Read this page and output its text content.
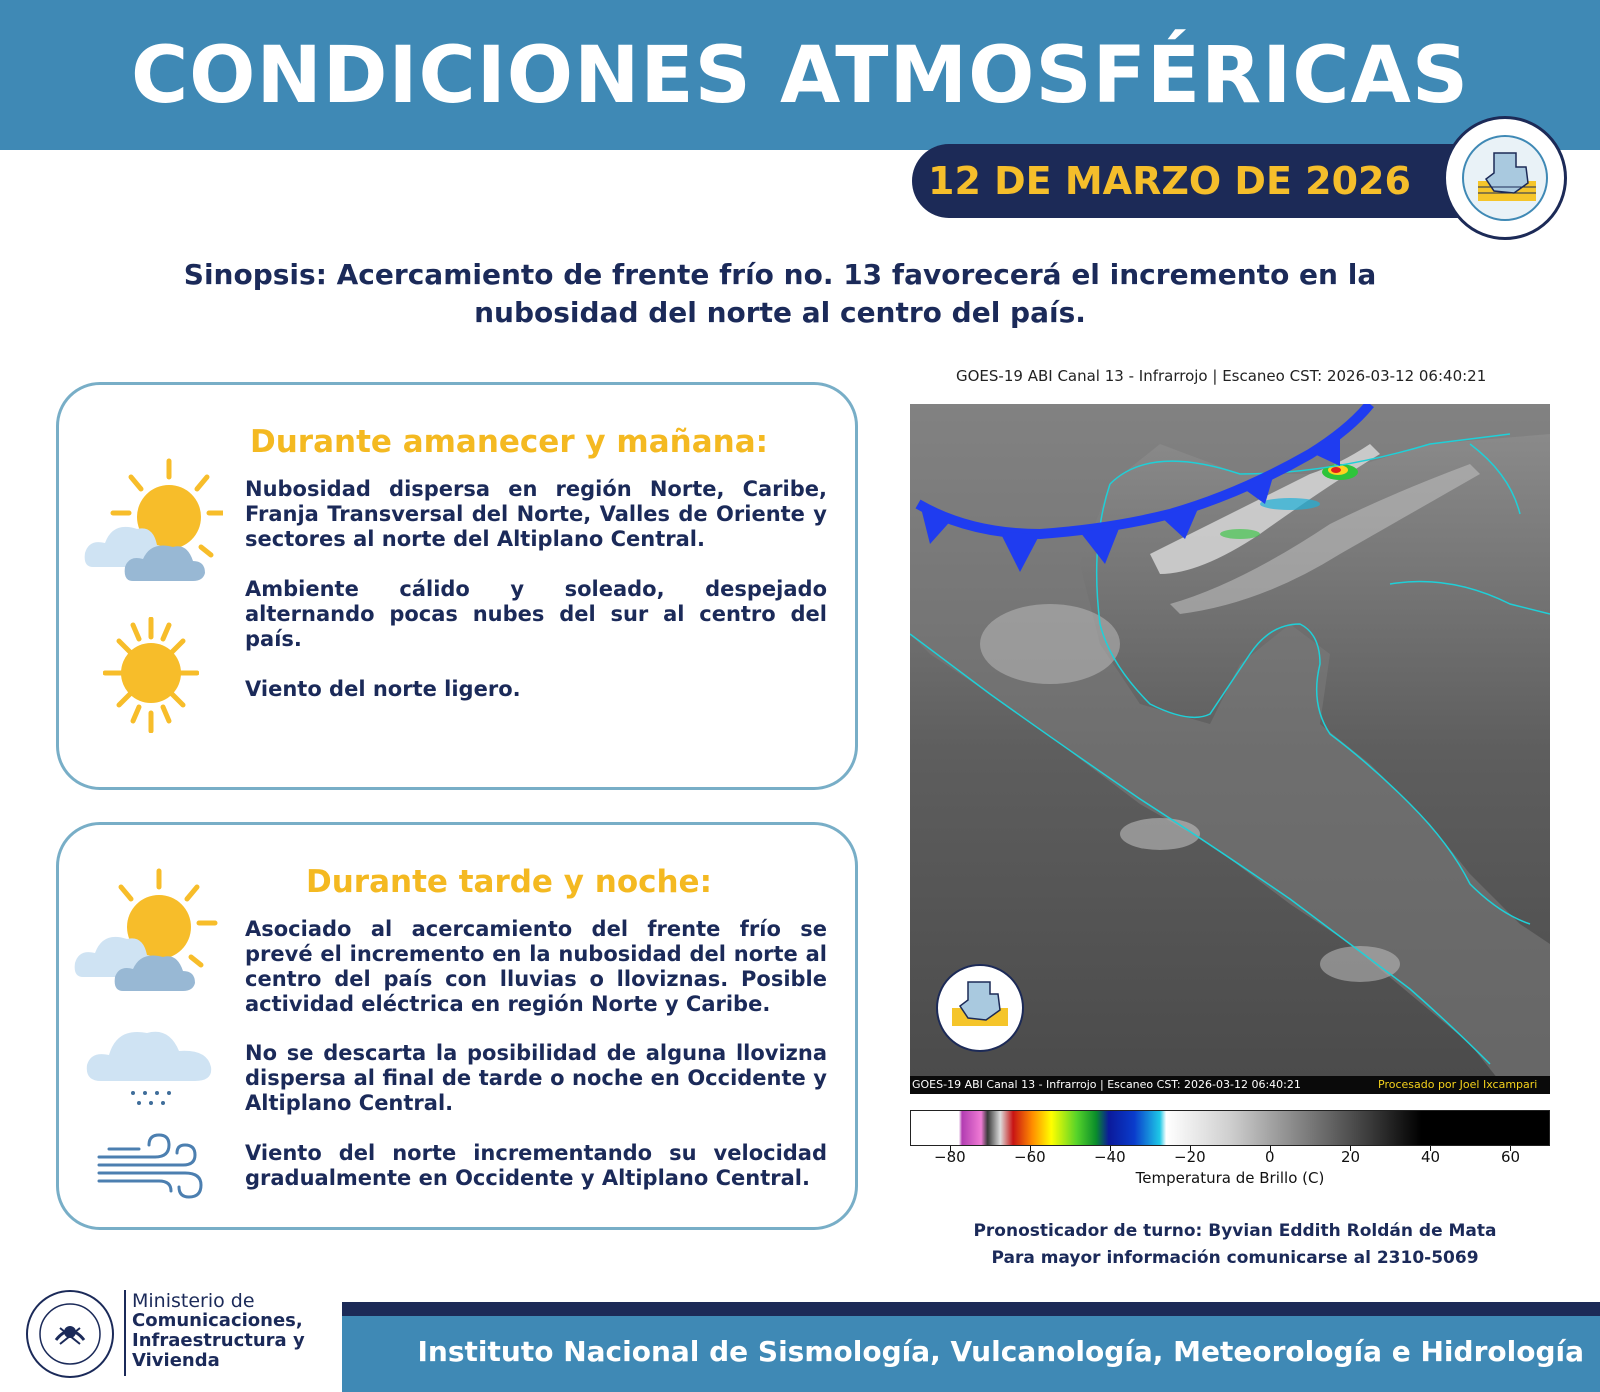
CONDICIONES ATMOSFÉRICAS
12 DE MARZO DE 2026
Sinopsis: Acercamiento de frente frío no. 13 favorecerá el incremento en la
nubosidad del norte al centro del país.
Durante amanecer y mañana:
Nubosidad dispersa en región Norte, Caribe, Franja Transversal del Norte, Valles de Oriente y sectores al norte del Altiplano Central.
Ambiente cálido y soleado, despejado alternando pocas nubes del sur al centro del país.
Viento del norte ligero.
Durante tarde y noche:
Asociado al acercamiento del frente frío se prevé el incremento en la nubosidad del norte al centro del país con lluvias o lloviznas. Posible actividad eléctrica en región Norte y Caribe.
No se descarta la posibilidad de alguna llovizna dispersa al final de tarde o noche en Occidente y Altiplano Central.
Viento del norte incrementando su velocidad gradualmente en Occidente y Altiplano Central.
GOES-19 ABI Canal 13 - Infrarrojo | Escaneo CST: 2026-03-12 06:40:21
GOES-19 ABI Canal 13 - Infrarrojo | Escaneo CST: 2026-03-12 06:40:21	Procesado por Joel Ixcampari
−80	−60	−40	−20	0	20	40	60
Temperatura de Brillo (C)
Pronosticador de turno: Byvian Eddith Roldán de Mata
Para mayor información comunicarse al 2310-5069
Ministerio de
Comunicaciones,
Infraestructura y
Vivienda	Instituto Nacional de Sismología, Vulcanología, Meteorología e Hidrología
